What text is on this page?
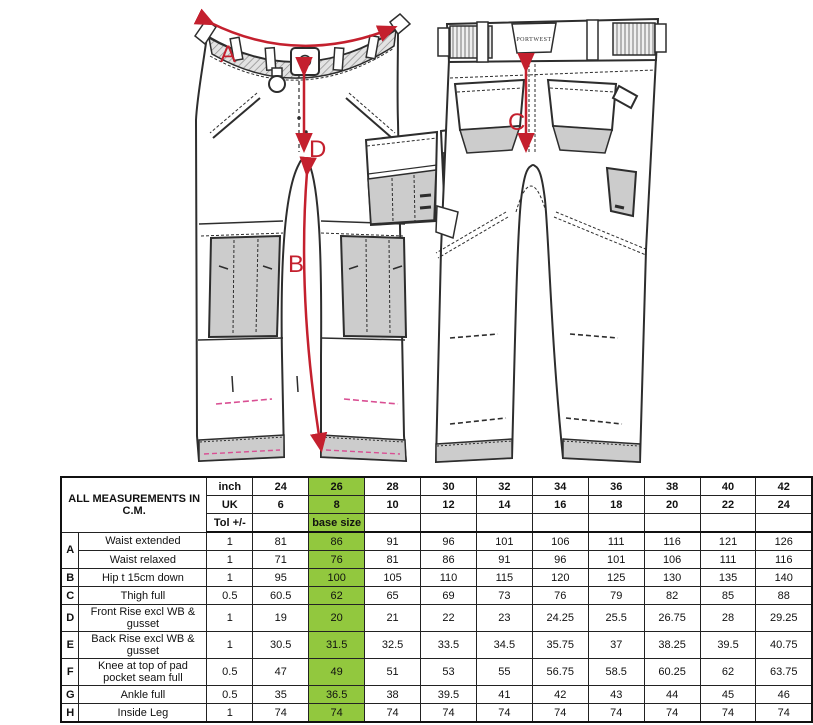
A
D
B
C
PORTWEST
ALL MEASUREMENTS IN C.M.		inch	24	26	28	30	32	34	36	38	40	42
		UK	6	8	10	12	14	16	18	20	22	24
		Tol +/-		base size								
A	Waist extended	1	81	86	91	96	101	106	111	116	121	126
	Waist relaxed	1	71	76	81	86	91	96	101	106	111	116
B	Hip t 15cm down	1	95	100	105	110	115	120	125	130	135	140
C	Thigh full	0.5	60.5	62	65	69	73	76	79	82	85	88
D	Front Rise excl WB & gusset	1	19	20	21	22	23	24.25	25.5	26.75	28	29.25
E	Back Rise excl WB & gusset	1	30.5	31.5	32.5	33.5	34.5	35.75	37	38.25	39.5	40.75
F	Knee at top of pad pocket seam full	0.5	47	49	51	53	55	56.75	58.5	60.25	62	63.75
G	Ankle full	0.5	35	36.5	38	39.5	41	42	43	44	45	46
H	Inside Leg	1	74	74	74	74	74	74	74	74	74	74
